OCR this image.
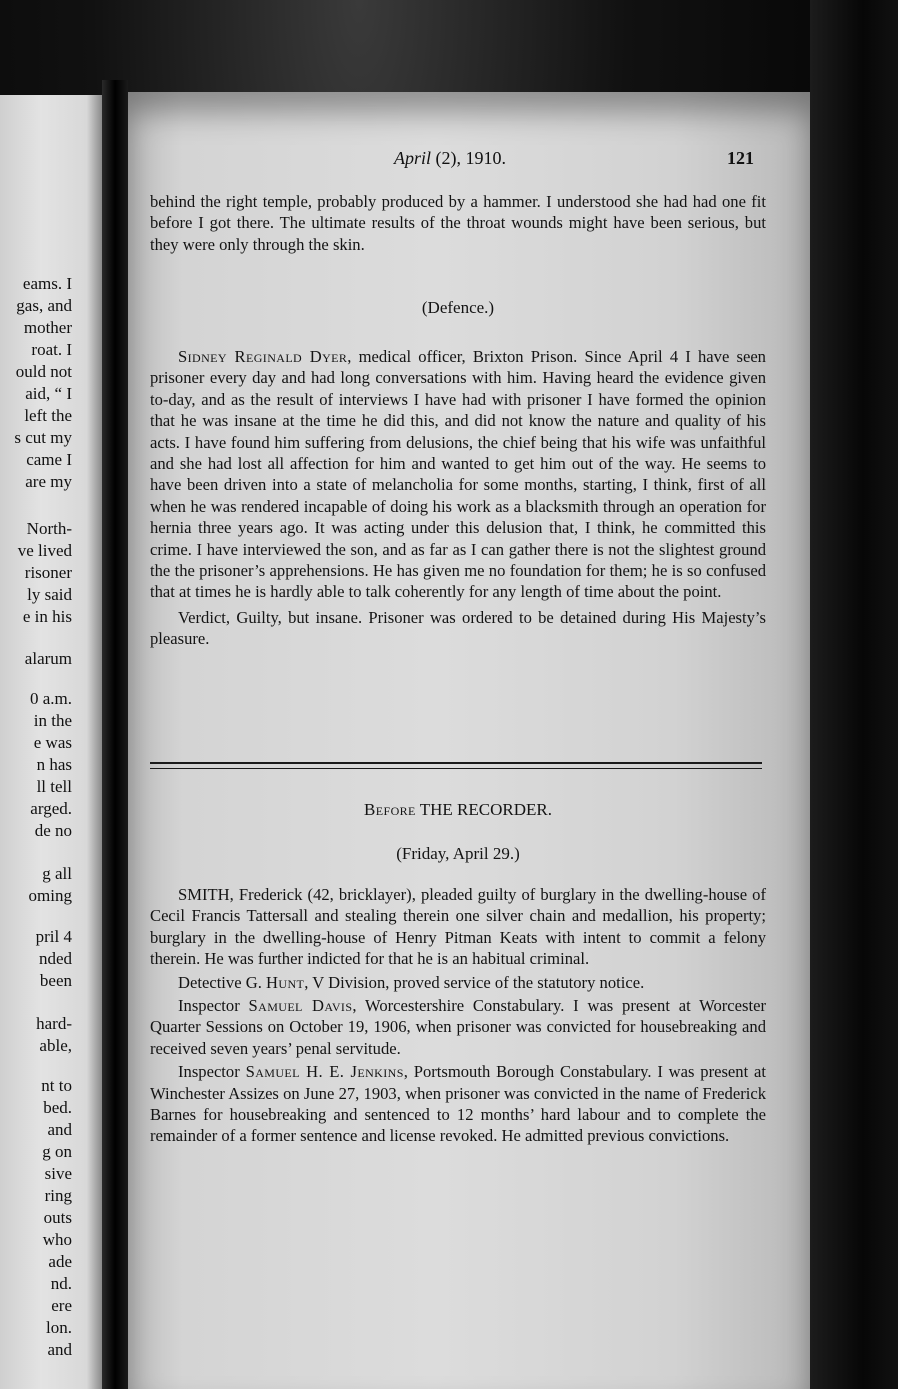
eams. I
gas, and
mother
roat. I
ould not
aid, “ I
left the
s cut my
came I
are my
North-
ve lived
risoner
ly said
e in his
alarum
0 a.m.
in the
e was
n has
ll tell
arged.
de no
g all
oming
pril 4
nded
been
hard-
able,
nt to
bed.
and
g on
sive
ring
outs
who
ade
nd.
ere
lon.
and
April (2), 1910.	121

behind the right temple, probably produced by a hammer. I understood she had had one fit before I got there. The ultimate results of the throat wounds might have been serious, but they were only through the skin.

(Defence.)

Sidney Reginald Dyer, medical officer, Brixton Prison. Since April 4 I have seen prisoner every day and had long conversations with him. Having heard the evidence given to-day, and as the result of interviews I have had with prisoner I have formed the opinion that he was insane at the time he did this, and did not know the nature and quality of his acts. I have found him suffering from delusions, the chief being that his wife was unfaithful and she had lost all affection for him and wanted to get him out of the way. He seems to have been driven into a state of melancholia for some months, starting, I think, first of all when he was rendered incapable of doing his work as a blacksmith through an operation for hernia three years ago. It was acting under this delusion that, I think, he committed this crime. I have interviewed the son, and as far as I can gather there is not the slightest ground the the prisoner’s apprehensions. He has given me no foundation for them; he is so confused that at times he is hardly able to talk coherently for any length of time about the point.

Verdict, Guilty, but insane. Prisoner was ordered to be detained during His Majesty’s pleasure.

Before THE RECORDER.
(Friday, April 29.)

SMITH, Frederick (42, bricklayer), pleaded guilty of burglary in the dwelling-house of Cecil Francis Tattersall and stealing therein one silver chain and medallion, his property; burglary in the dwelling-house of Henry Pitman Keats with intent to commit a felony therein. He was further indicted for that he is an habitual criminal.

Detective G. Hunt, V Division, proved service of the statutory notice.

Inspector Samuel Davis, Worcestershire Constabulary. I was present at Worcester Quarter Sessions on October 19, 1906, when prisoner was convicted for housebreaking and received seven years’ penal servitude.

Inspector Samuel H. E. Jenkins, Portsmouth Borough Constabulary. I was present at Winchester Assizes on June 27, 1903, when prisoner was convicted in the name of Frederick Barnes for housebreaking and sentenced to 12 months’ hard labour and to complete the remainder of a former sentence and license revoked. He admitted previous convictions.
